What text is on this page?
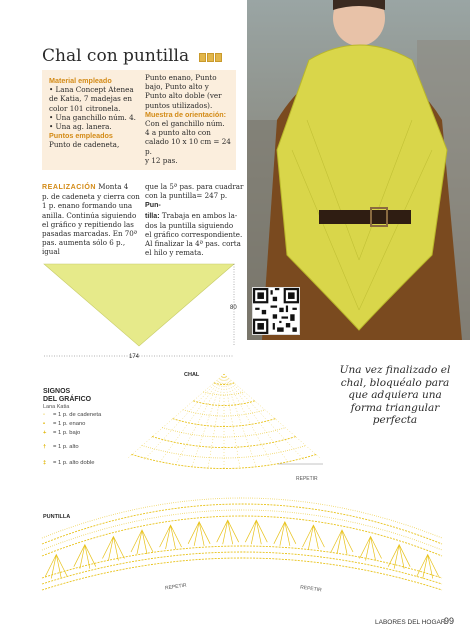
Chal con puntilla

Material empleado

• Lana Concept Atenea
de Katia, 7 madejas en
color 101 citronela.
• Una ganchillo núm. 4.
• Una ag. lanera.

Puntos empleados

Punto de cadeneta,
Punto enano, Punto
bajo, Punto alto y
Punto alto doble (ver
puntos utilizados).

Muestra de orientación:

Con el ganchillo núm.
4 a punto alto con
calado 10 x 10 cm = 24 p.
y 12 pas.
REALIZACIÓN Monta 4
p. de cadeneta y cierra con
1 p. enano formando una
anilla. Continúa siguiendo
el gráfico y repitiendo las
pasadas marcadas. En 70ª
pas. aumenta sólo 6 p., igual
que la 5ª pas. para cuadrar
con la puntilla= 247 p. Pun-
tilla: Trabaja en ambos la-
dos la puntilla siguiendo
el gráfico correspondiente.
Al finalizar la 4ª pas. corta
el hilo y remata.
80
174
Una vez finalizado el chal, bloquéalo para que adquiera una forma triangular perfecta
CHAL
REPETIR
SIGNOS
DEL GRÁFICO
Lana Katia
◦ = 1 p. de cadeneta
• = 1 p. enano
+ = 1 p. bajo
† = 1 p. alto
‡ = 1 p. alto doble
PUNTILLA
REPETIR	REPETIR
LABORES DEL HOGAR
99
